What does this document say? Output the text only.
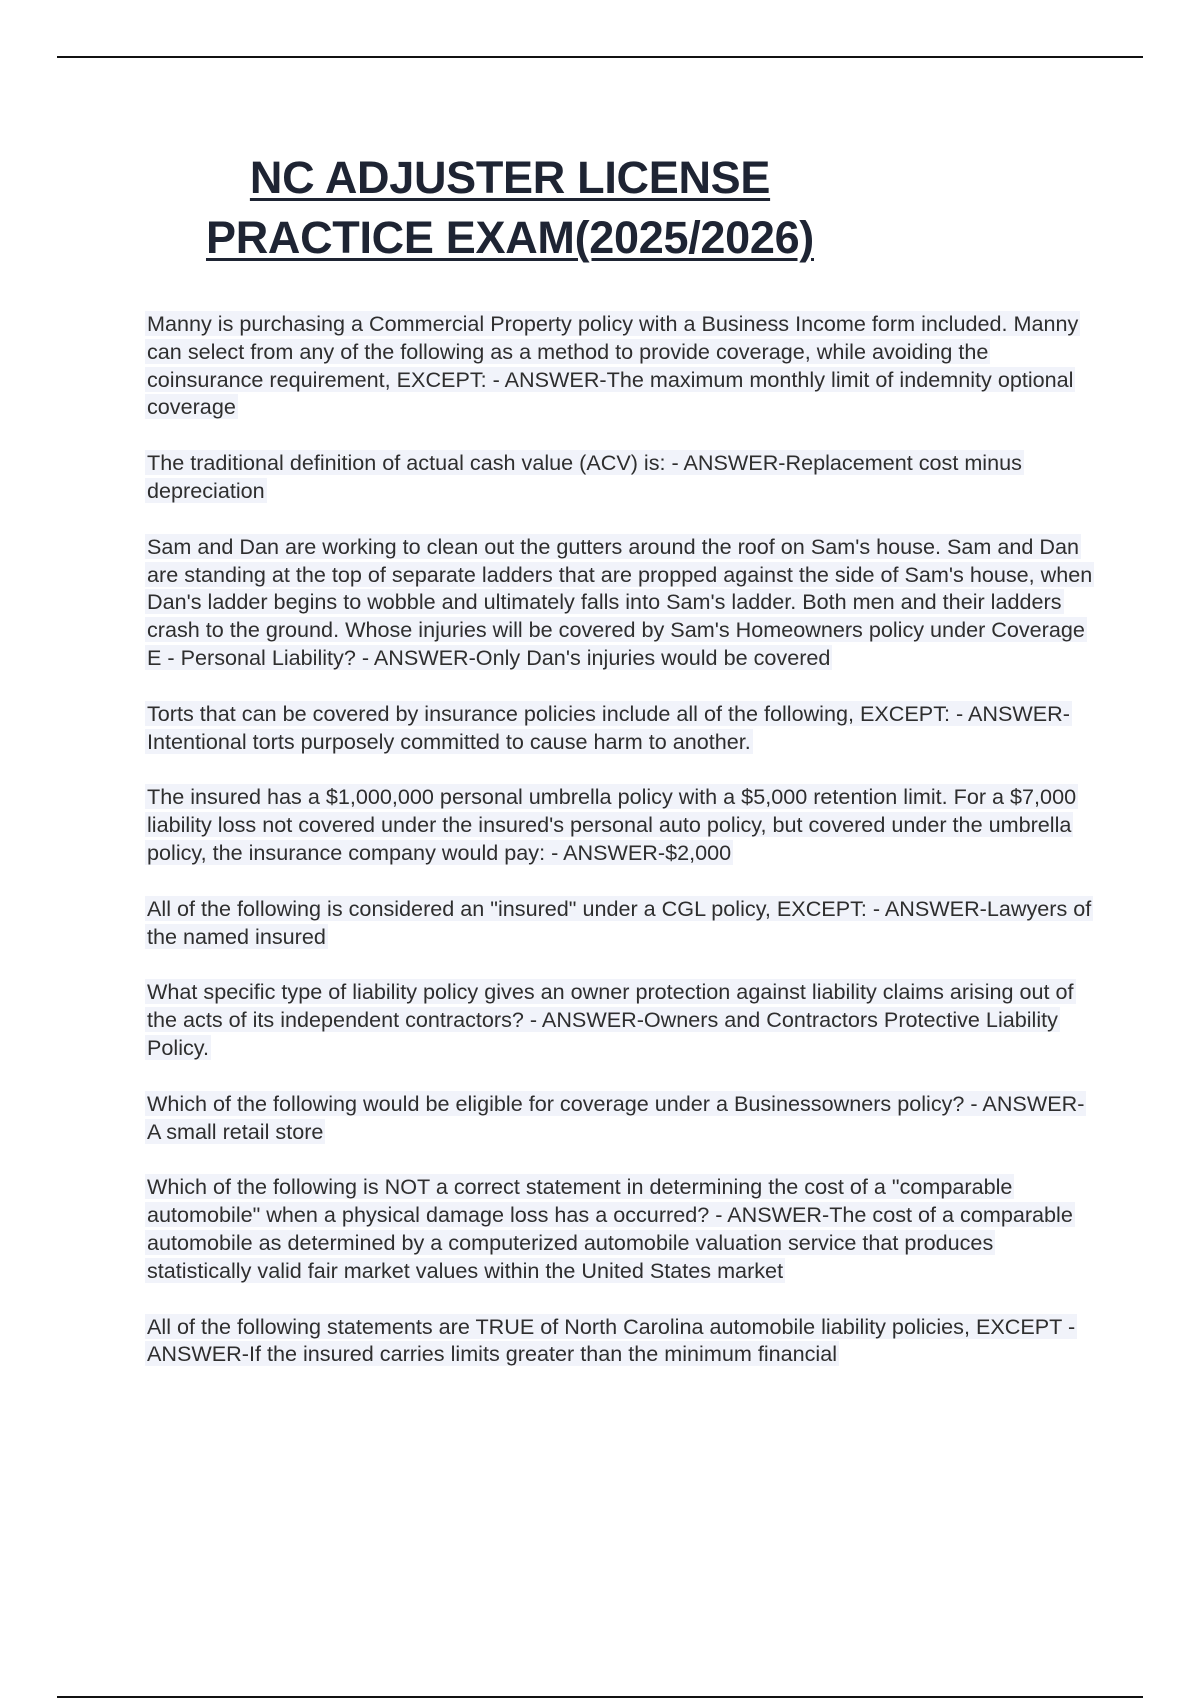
NC ADJUSTER LICENSE
PRACTICE EXAM(2025/2026)

Manny is purchasing a Commercial Property policy with a Business Income form included. Manny can select from any of the following as a method to provide coverage, while avoiding the coinsurance requirement, EXCEPT: - ANSWER-The maximum monthly limit of indemnity optional coverage

The traditional definition of actual cash value (ACV) is: - ANSWER-Replacement cost minus depreciation

Sam and Dan are working to clean out the gutters around the roof on Sam's house. Sam and Dan are standing at the top of separate ladders that are propped against the side of Sam's house, when Dan's ladder begins to wobble and ultimately falls into Sam's ladder. Both men and their ladders crash to the ground. Whose injuries will be covered by Sam's Homeowners policy under Coverage E - Personal Liability? - ANSWER-Only Dan's injuries would be covered

Torts that can be covered by insurance policies include all of the following, EXCEPT: - ANSWER-Intentional torts purposely committed to cause harm to another.

The insured has a $1,000,000 personal umbrella policy with a $5,000 retention limit. For a $7,000 liability loss not covered under the insured's personal auto policy, but covered under the umbrella policy, the insurance company would pay: - ANSWER-$2,000

All of the following is considered an "insured" under a CGL policy, EXCEPT: - ANSWER-Lawyers of the named insured

What specific type of liability policy gives an owner protection against liability claims arising out of the acts of its independent contractors? - ANSWER-Owners and Contractors Protective Liability Policy.

Which of the following would be eligible for coverage under a Businessowners policy? - ANSWER-A small retail store

Which of the following is NOT a correct statement in determining the cost of a "comparable automobile" when a physical damage loss has a occurred? - ANSWER-The cost of a comparable automobile as determined by a computerized automobile valuation service that produces statistically valid fair market values within the United States market

All of the following statements are TRUE of North Carolina automobile liability policies, EXCEPT - ANSWER-If the insured carries limits greater than the minimum financial
